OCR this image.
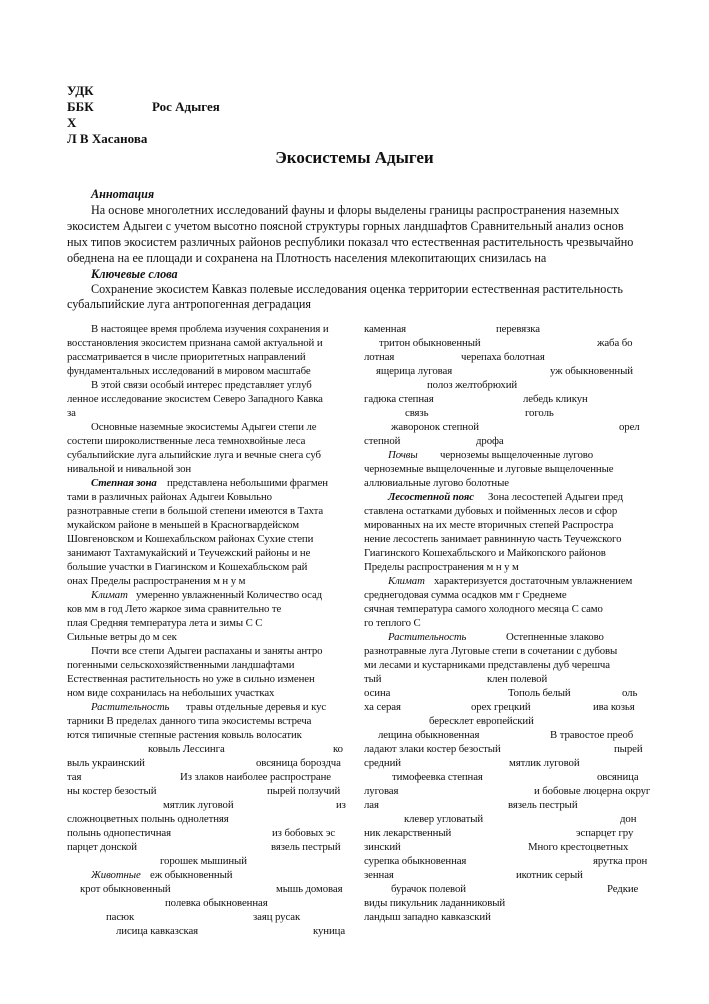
УДК
ББК	Рос Адыгея
Х
Л В Хасанова
Экосистемы Адыгеи
Аннотация
На основе многолетних исследований фауны и флоры выделены границы распространения наземных
экосистем Адыгеи с учетом высотно поясной структуры горных ландшафтов Сравнительный анализ основ
ных типов экосистем различных районов республики показал что естественная растительность чрезвычайно
обеднена на ее площади и сохранена на Плотность населения млекопитающих снизилась на
Ключевые слова
Сохранение экосистем Кавказ полевые исследования оценка территории естественная растительность
субальпийские луга антропогенная деградация
В настоящее время проблема изучения сохранения и
восстановления экосистем признана самой актуальной и
рассматривается в числе приоритетных направлений
фундаментальных исследований в мировом масштабе
В этой связи особый интерес представляет углуб
ленное исследование экосистем Северо Западного Кавка
за
Основные наземные экосистемы Адыгеи степи ле
состепи широколиственные леса темнохвойные леса
субальпийские луга альпийские луга и вечные снега суб
нивальной и нивальной зон
Степная зона представлена небольшими фрагмен
тами в различных районах Адыгеи Ковыльно
разнотравные степи в большой степени имеются в Тахта
мукайском районе в меньшей в Красногвардейском
Шовгеновском и Кошехабльском районах Сухие степи
занимают Тахтамукайский и Теучежский районы и не
большие участки в Гиагинском и Кошехабльском рай
онах Пределы распространения м н у м
Климат умеренно увлажненный Количество осад
ков мм в год Лето жаркое зима сравнительно те
плая Средняя температура лета и зимы С С
Сильные ветры до м сек
Почти все степи Адыгеи распаханы и заняты антро
погенными сельскохозяйственными ландшафтами
Естественная растительность но уже в сильно изменен
ном виде сохранилась на небольших участках
Растительность травы отдельные деревья и кус
тарники В пределах данного типа экосистемы встреча
ются типичные степные растения ковыль волосатик
ковыль Лессинга	ко
выль украинский	овсяница бороздча
тая	Из злаков наиболее распростране
ны костер безостый	пырей ползучий
мятлик луговой	из
сложноцветных полынь однолетняя
полынь однопестичная	из бобовых эс
парцет донской	вязель пестрый
горошек мышиный
Животные еж обыкновенный
крот обыкновенный	мышь домовая
полевка обыкновенная
пасюк	заяц русак
лисица кавказская	куница
каменная	перевязка
тритон обыкновенный	жаба бо
лотная	черепаха болотная
ящерица луговая	уж обыкновенный
полоз желтобрюхий
гадюка степная	лебедь кликун
связь	гоголь
жаворонок степной	орел
степной	дрофа
Почвы черноземы выщелоченные лугово
черноземные выщелоченные и луговые выщелоченные
аллювиальные лугово болотные
Лесостепной пояс Зона лесостепей Адыгеи пред
ставлена остатками дубовых и пойменных лесов и сфор
мированных на их месте вторичных степей Распростра
нение лесостепь занимает равнинную часть Теучежского
Гиагинского Кошехабльского и Майкопского районов
Пределы распространения м н у м
Климат характеризуется достаточным увлажнением
среднегодовая сумма осадков мм г Среднеме
сячная температура самого холодного месяца С само
го теплого С
Растительность	Остепненные злаково
разнотравные луга Луговые степи в сочетании с дубовы
ми лесами и кустарниками представлены дуб черешча
тый	клен полевой
осина	Тополь белый	оль
ха серая	орех грецкий	ива козья
бересклет европейский
лещина обыкновенная	В травостое преоб
ладают злаки костер безостый	пырей
средний	мятлик луговой
тимофеевка степная	овсяница
луговая	и бобовые люцерна округ
лая	вязель пестрый
клевер угловатый	дон
ник лекарственный	эспарцет гру
зинский	Много крестоцветных
сурепка обыкновенная	ярутка прон
зенная	икотник серый
бурачок полевой	Редкие
виды пикульник ладанниковый
ландыш западно кавказский
